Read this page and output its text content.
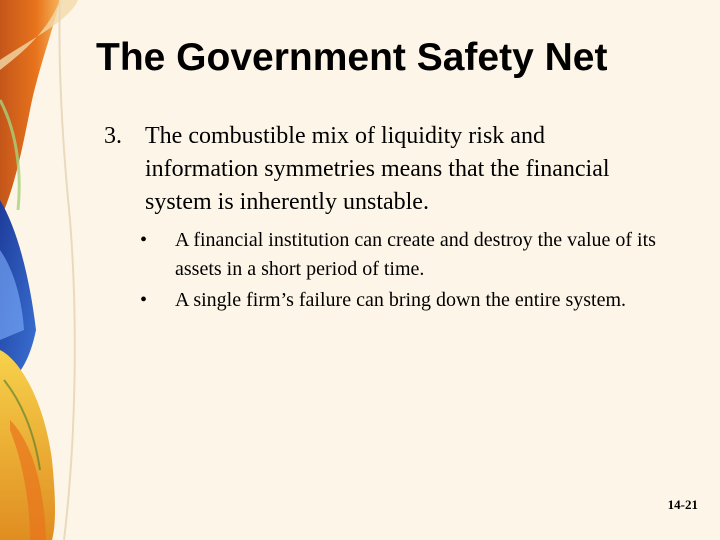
The Government Safety Net
3. The combustible mix of liquidity risk and information symmetries means that the financial system is inherently unstable.
• A financial institution can create and destroy the value of its assets in a short period of time.
• A single firm’s failure can bring down the entire system.
14-21
